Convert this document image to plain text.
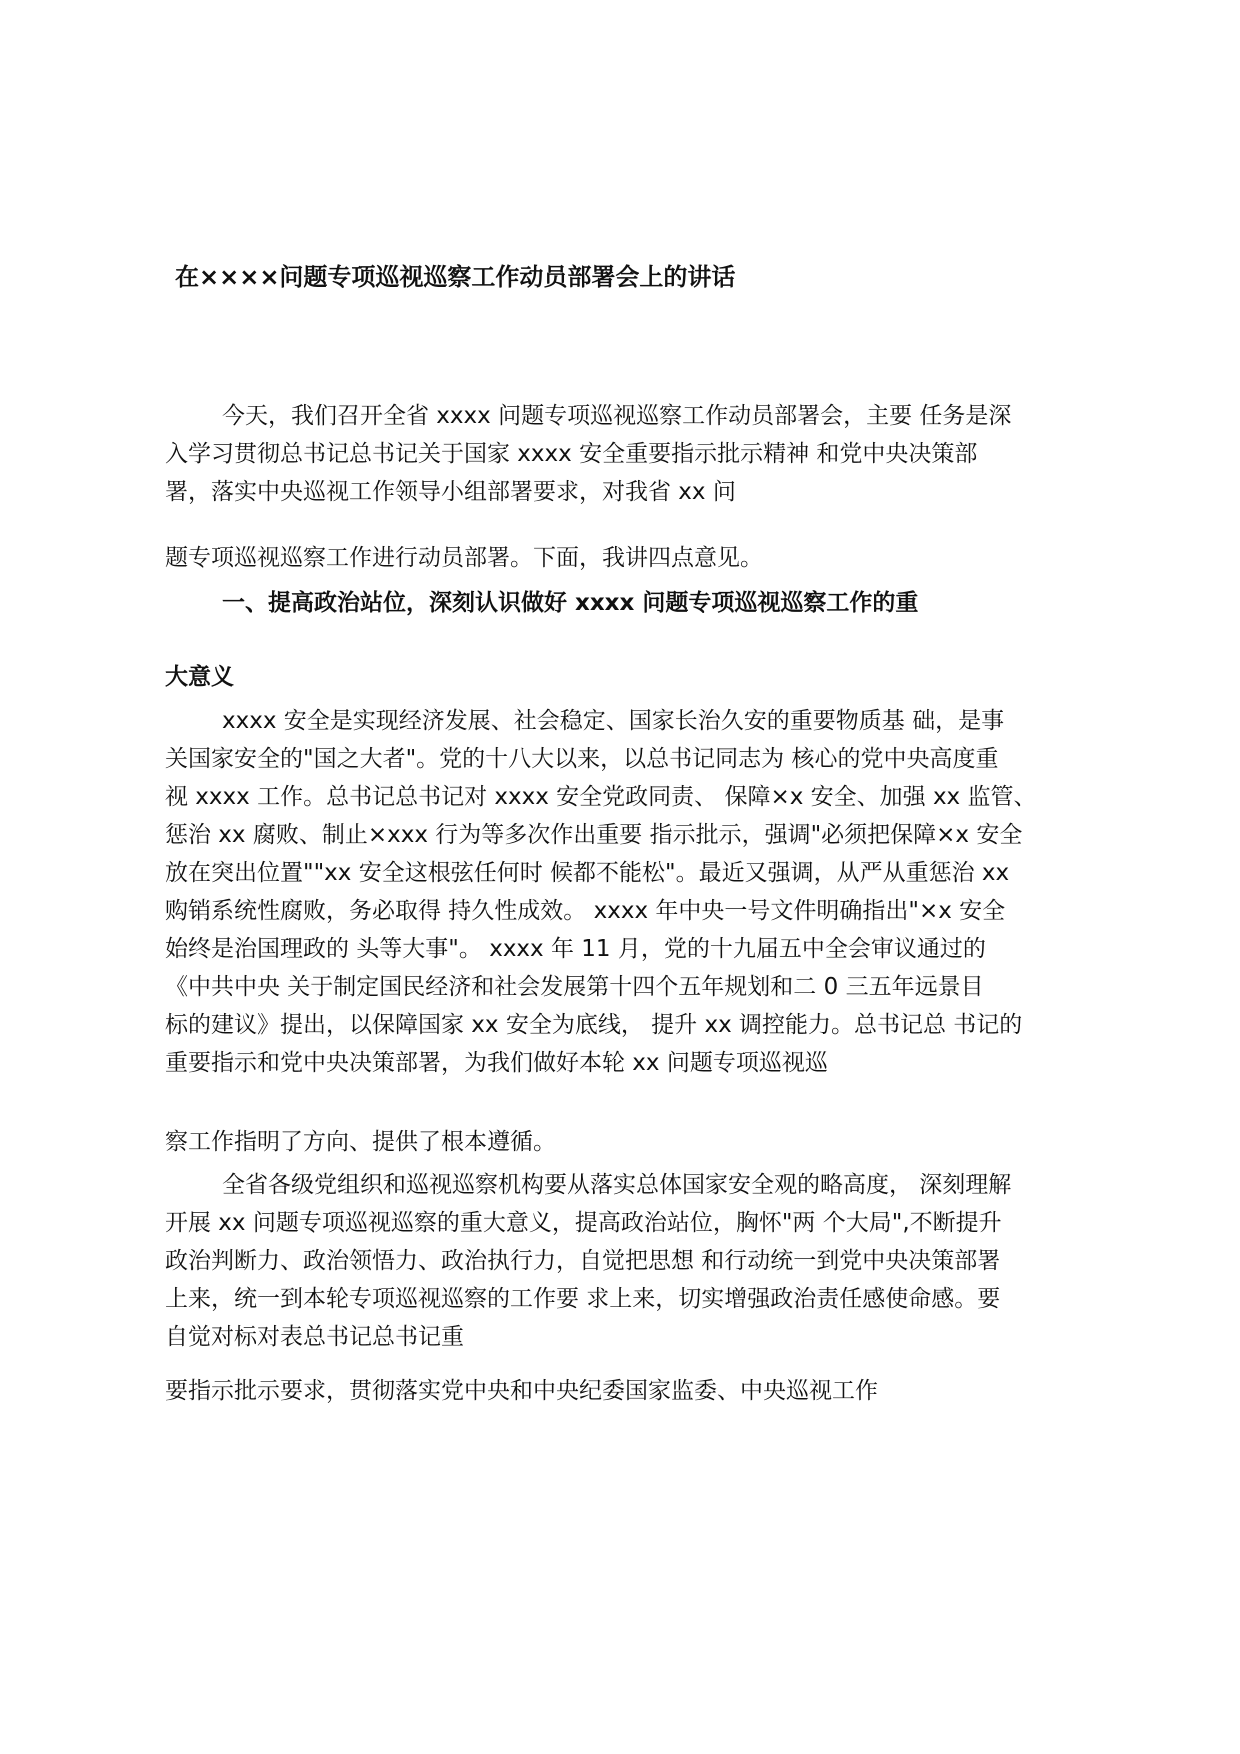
在××××问题专项巡视巡察工作动员部署会上的讲话
今天，我们召开全省 xxxx 问题专项巡视巡察工作动员部署会，主要 任务是深
入学习贯彻总书记总书记关于国家 xxxx 安全重要指示批示精神 和党中央决策部
署，落实中央巡视工作领导小组部署要求，对我省 xx 问
题专项巡视巡察工作进行动员部署。下面，我讲四点意见。
一、提高政治站位，深刻认识做好 xxxx 问题专项巡视巡察工作的重
大意义
xxxx 安全是实现经济发展、社会稳定、国家长治久安的重要物质基 础，是事
关国家安全的"国之大者"。党的十八大以来，以总书记同志为 核心的党中央高度重
视 xxxx 工作。总书记总书记对 xxxx 安全党政同责、 保障×x 安全、加强 xx 监管、
惩治 xx 腐败、制止×xxx 行为等多次作出重要 指示批示，强调"必须把保障×x 安全
放在突出位置""xx 安全这根弦任何时 候都不能松"。最近又强调，从严从重惩治 xx
购销系统性腐败，务必取得 持久性成效。 xxxx 年中央一号文件明确指出"×x 安全
始终是治国理政的 头等大事"。 xxxx 年 11 月，党的十九届五中全会审议通过的
《中共中央 关于制定国民经济和社会发展第十四个五年规划和二 0 三五年远景目
标的建议》提出，以保障国家 xx 安全为底线， 提升 xx 调控能力。总书记总 书记的
重要指示和党中央决策部署，为我们做好本轮 xx 问题专项巡视巡
察工作指明了方向、提供了根本遵循。
全省各级党组织和巡视巡察机构要从落实总体国家安全观的略高度， 深刻理解
开展 xx 问题专项巡视巡察的重大意义，提高政治站位，胸怀"两 个大局",不断提升
政治判断力、政治领悟力、政治执行力，自觉把思想 和行动统一到党中央决策部署
上来，统一到本轮专项巡视巡察的工作要 求上来，切实增强政治责任感使命感。要
自觉对标对表总书记总书记重
要指示批示要求，贯彻落实党中央和中央纪委国家监委、中央巡视工作
